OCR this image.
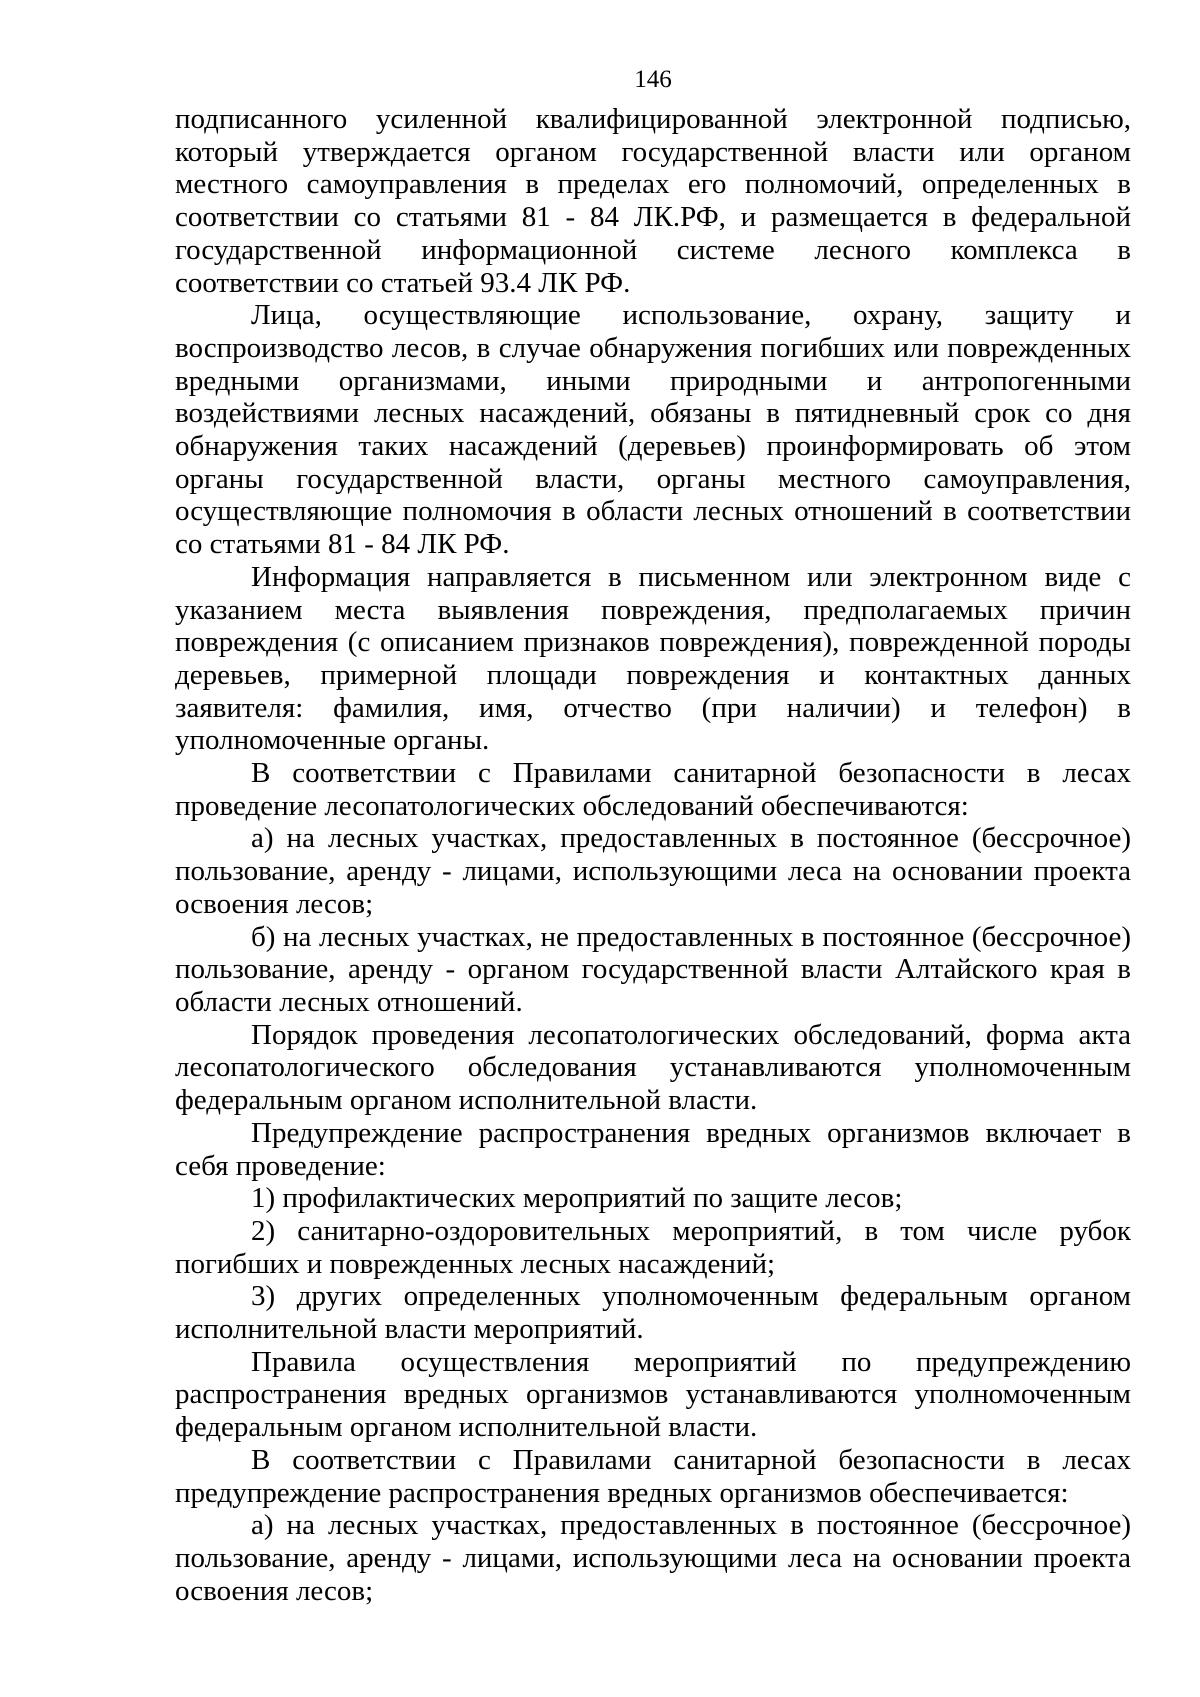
146

подписанного усиленной квалифицированной электронной подписью, который утверждается органом государственной власти или органом местного самоуправления в пределах его полномочий, определенных в соответствии со статьями 81 - 84 ЛК.РФ, и размещается в федеральной государственной информационной системе лесного комплекса в соответствии со статьей 93.4 ЛК РФ.

Лица, осуществляющие использование, охрану, защиту и воспроизводство лесов, в случае обнаружения погибших или поврежденных вредными организмами, иными природными и антропогенными воздействиями лесных насаждений, обязаны в пятидневный срок со дня обнаружения таких насаждений (деревьев) проинформировать об этом органы государственной власти, органы местного самоуправления, осуществляющие полномочия в области лесных отношений в соответствии со статьями 81 - 84 ЛК РФ.

Информация направляется в письменном или электронном виде с указанием места выявления повреждения, предполагаемых причин повреждения (с описанием признаков повреждения), поврежденной породы деревьев, примерной площади повреждения и контактных данных заявителя: фамилия, имя, отчество (при наличии) и телефон) в уполномоченные органы.

В соответствии с Правилами санитарной безопасности в лесах проведение лесопатологических обследований обеспечиваются:

а) на лесных участках, предоставленных в постоянное (бессрочное) пользование, аренду - лицами, использующими леса на основании проекта освоения лесов;

б) на лесных участках, не предоставленных в постоянное (бессрочное) пользование, аренду - органом государственной власти Алтайского края в области лесных отношений.

Порядок проведения лесопатологических обследований, форма акта лесопатологического обследования устанавливаются уполномоченным федеральным органом исполнительной власти.

Предупреждение распространения вредных организмов включает в себя проведение:

1) профилактических мероприятий по защите лесов;

2) санитарно-оздоровительных мероприятий, в том числе рубок погибших и поврежденных лесных насаждений;

3) других определенных уполномоченным федеральным органом исполнительной власти мероприятий.

Правила осуществления мероприятий по предупреждению распространения вредных организмов устанавливаются уполномоченным федеральным органом исполнительной власти.

В соответствии с Правилами санитарной безопасности в лесах предупреждение распространения вредных организмов обеспечивается:

а) на лесных участках, предоставленных в постоянное (бессрочное) пользование, аренду - лицами, использующими леса на основании проекта освоения лесов;
